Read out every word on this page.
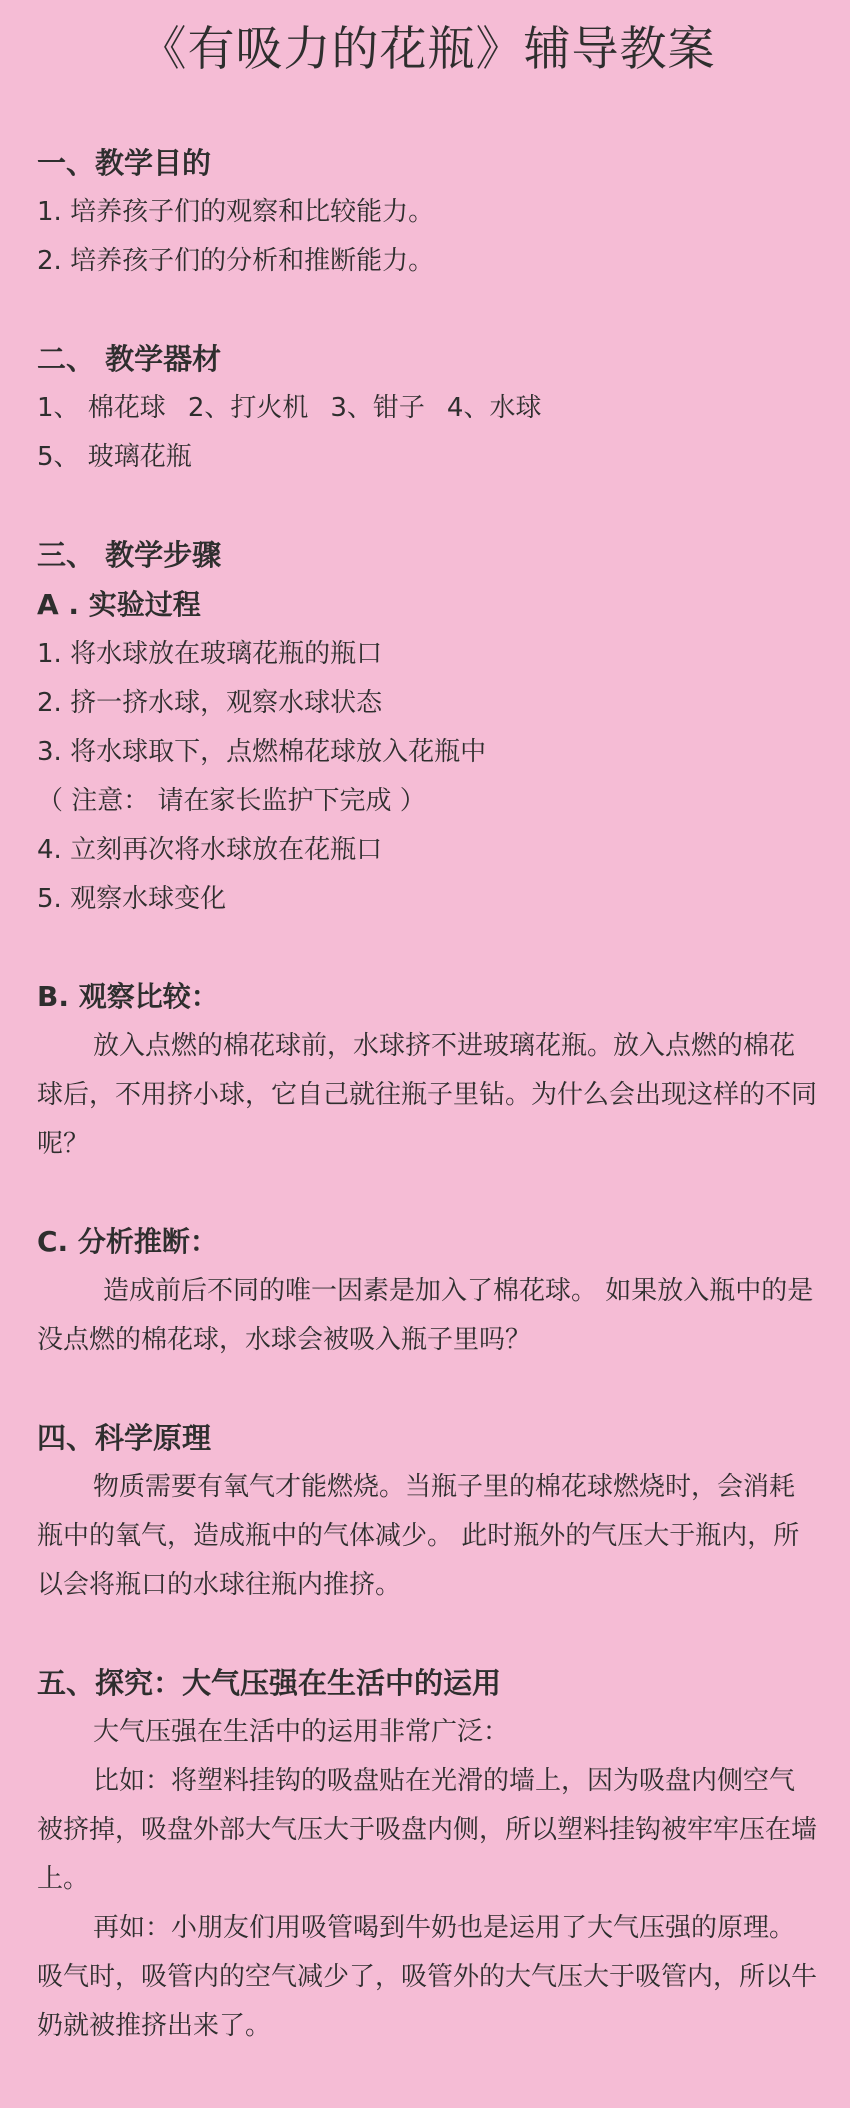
《有吸力的花瓶》辅导教案
一、教学目的
1. 培养孩子们的观察和比较能力。
2. 培养孩子们的分析和推断能力。
二、 教学器材
1、 棉花球 2、打火机 3、钳子 4、水球
5、 玻璃花瓶
三、 教学步骤
A . 实验过程
1. 将水球放在玻璃花瓶的瓶口
2. 挤一挤水球，观察水球状态
3. 将水球取下，点燃棉花球放入花瓶中
（ 注意： 请在家长监护下完成 ）
4. 立刻再次将水球放在花瓶口
5. 观察水球变化
B. 观察比较：
放入点燃的棉花球前，水球挤不进玻璃花瓶。放入点燃的棉花球后，不用挤小球，它自己就往瓶子里钻。为什么会出现这样的不同呢？
C. 分析推断：
造成前后不同的唯一因素是加入了棉花球。 如果放入瓶中的是没点燃的棉花球，水球会被吸入瓶子里吗？
四、科学原理
物质需要有氧气才能燃烧。当瓶子里的棉花球燃烧时，会消耗瓶中的氧气，造成瓶中的气体减少。 此时瓶外的气压大于瓶内，所以会将瓶口的水球往瓶内推挤。
五、探究：大气压强在生活中的运用
大气压强在生活中的运用非常广泛：
比如：将塑料挂钩的吸盘贴在光滑的墙上，因为吸盘内侧空气被挤掉，吸盘外部大气压大于吸盘内侧，所以塑料挂钩被牢牢压在墙上。
再如：小朋友们用吸管喝到牛奶也是运用了大气压强的原理。吸气时，吸管内的空气减少了，吸管外的大气压大于吸管内，所以牛奶就被推挤出来了。
